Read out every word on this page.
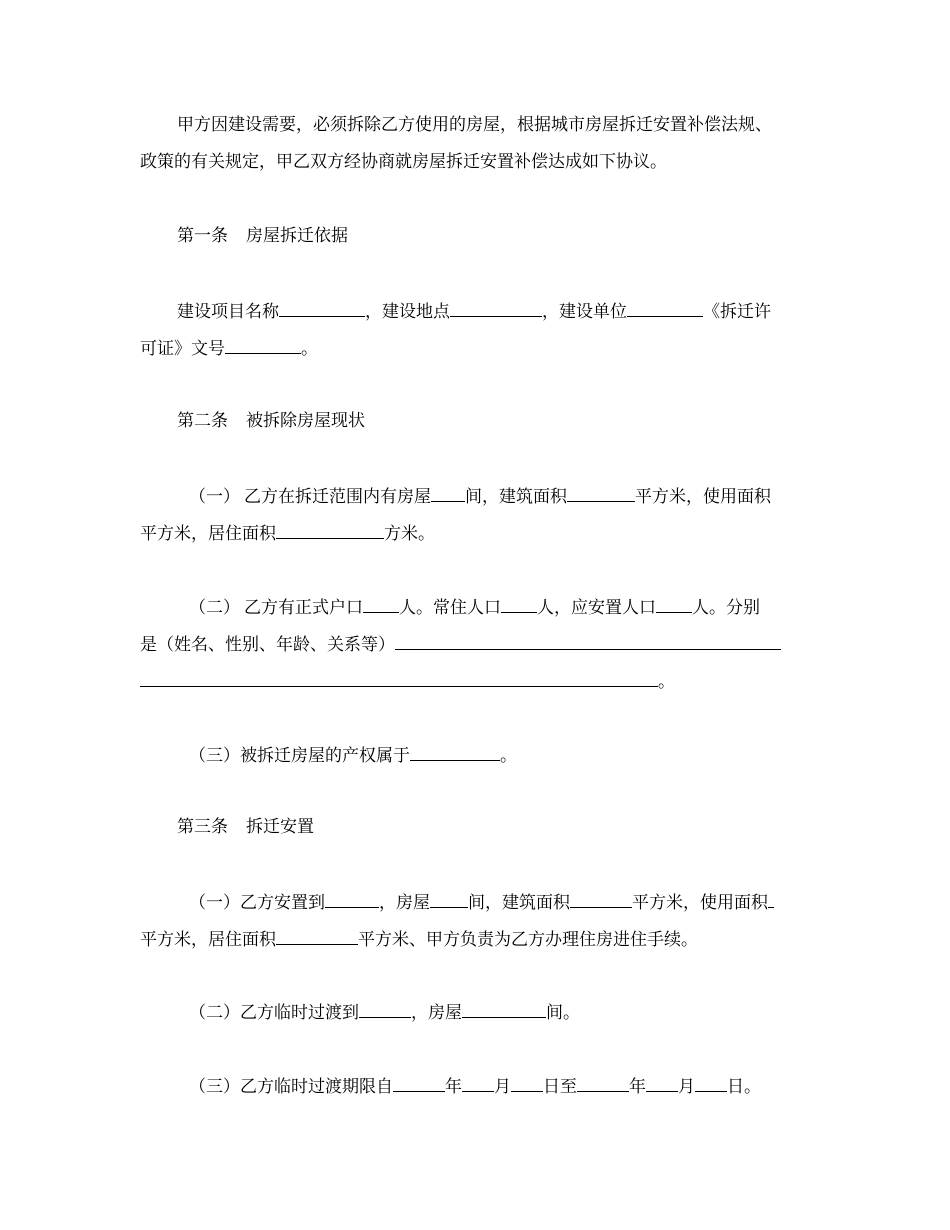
甲方因建设需要，必须拆除乙方使用的房屋，根据城市房屋拆迁安置补偿法规、
政策的有关规定，甲乙双方经协商就房屋拆迁安置补偿达成如下协议。
第一条 房屋拆迁依据
建设项目名称	，建设地点	，建设单位	《拆迁许
可证》文号	。
第二条 被拆除房屋现状
（一） 乙方在拆迁范围内有房屋 间，建筑面积	平方米，使用面积
平方米，居住面积	方米。
（二） 乙方有正式户口 人。常住人口 人，应安置人口 人。分别
是（姓名、性别、年龄、关系等）
。
（三）被拆迁房屋的产权属于	。
第三条 拆迁安置
（一）乙方安置到	，房屋 间，建筑面积	平方米，使用面积
平方米，居住面积	平方米、甲方负责为乙方办理住房进住手续。
（二）乙方临时过渡到	，房屋	间。
（三）乙方临时过渡期限自	年 月 日至	年 月 日。
